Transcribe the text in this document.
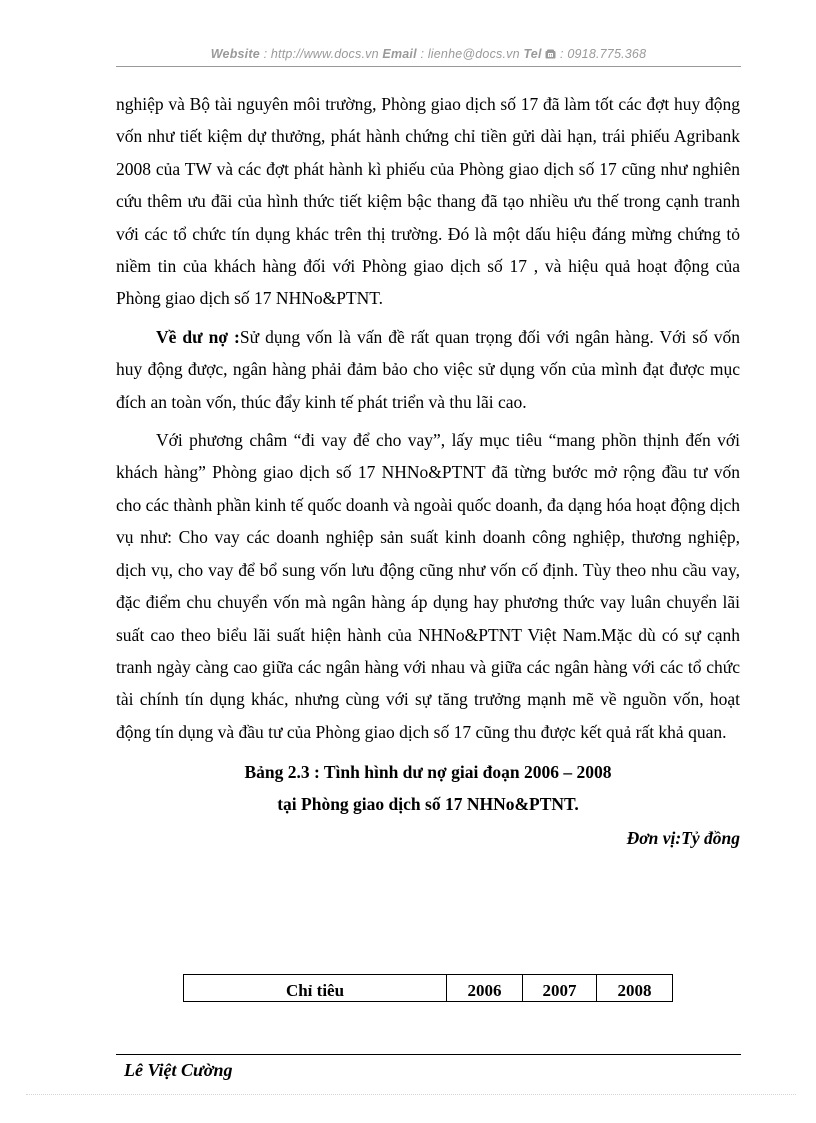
Website : http://www.docs.vn Email : lienhe@docs.vn Tel : 0918.775.368

nghiệp và Bộ tài nguyên môi trường, Phòng giao dịch số 17 đã làm tốt các đợt huy động vốn như tiết kiệm dự thưởng, phát hành chứng chỉ tiền gửi dài hạn, trái phiếu Agribank 2008 của TW và các đợt phát hành kì phiếu của Phòng giao dịch số 17 cũng như nghiên cứu thêm ưu đãi của hình thức tiết kiệm bậc thang đã tạo nhiều ưu thế trong cạnh tranh với các tổ chức tín dụng khác trên thị trường. Đó là một dấu hiệu đáng mừng chứng tỏ niềm tin của khách hàng đối với Phòng giao dịch số 17 , và hiệu quả hoạt động của Phòng giao dịch số 17 NHNo&PTNT.

Về dư nợ :Sử dụng vốn là vấn đề rất quan trọng đối với ngân hàng. Với số vốn huy động được, ngân hàng phải đảm bảo cho việc sử dụng vốn của mình đạt được mục đích an toàn vốn, thúc đẩy kinh tế phát triển và thu lãi cao.

Với phương châm “đi vay để cho vay”, lấy mục tiêu “mang phồn thịnh đến với khách hàng” Phòng giao dịch số 17 NHNo&PTNT đã từng bước mở rộng đầu tư vốn cho các thành phần kinh tế quốc doanh và ngoài quốc doanh, đa dạng hóa hoạt động dịch vụ như: Cho vay các doanh nghiệp sản suất kinh doanh công nghiệp, thương nghiệp, dịch vụ, cho vay để bổ sung vốn lưu động cũng như vốn cố định. Tùy theo nhu cầu vay, đặc điểm chu chuyển vốn mà ngân hàng áp dụng hay phương thức vay luân chuyển lãi suất cao theo biểu lãi suất hiện hành của NHNo&PTNT Việt Nam.Mặc dù có sự cạnh tranh ngày càng cao giữa các ngân hàng với nhau và giữa các ngân hàng với các tổ chức tài chính tín dụng khác, nhưng cùng với sự tăng trưởng mạnh mẽ về nguồn vốn, hoạt động tín dụng và đầu tư của Phòng giao dịch số 17 cũng thu được kết quả rất khả quan.

Bảng 2.3 : Tình hình dư nợ giai đoạn 2006 – 2008
tại Phòng giao dịch số 17 NHNo&PTNT.
Đơn vị:Tỷ đồng
Chỉ tiêu	2006	2007	2008
Lê Việt Cường
